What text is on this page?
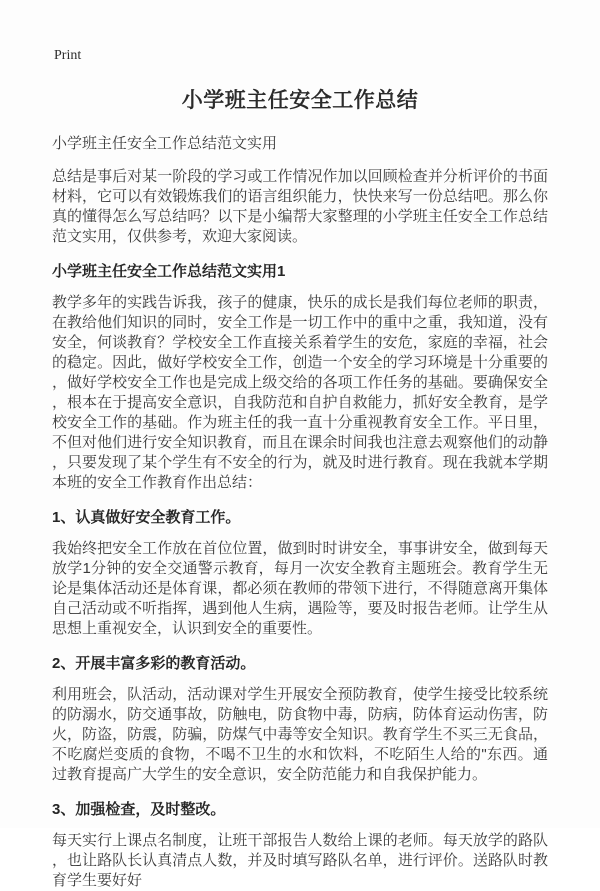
Print
小学班主任安全工作总结
小学班主任安全工作总结范文实用

总结是事后对某一阶段的学习或工作情况作加以回顾检查并分析评价的书面材料，它可以有效锻炼我们的语言组织能力，快快来写一份总结吧。那么你真的懂得怎么写总结吗？以下是小编帮大家整理的小学班主任安全工作总结范文实用，仅供参考，欢迎大家阅读。

小学班主任安全工作总结范文实用1

教学多年的实践告诉我，孩子的健康，快乐的成长是我们每位老师的职责，在教给他们知识的同时，安全工作是一切工作中的重中之重，我知道，没有安全，何谈教育？学校安全工作直接关系着学生的安危，家庭的幸福，社会的稳定。因此，做好学校安全工作，创造一个安全的学习环境是十分重要的，做好学校安全工作也是完成上级交给的各项工作任务的基础。要确保安全，根本在于提高安全意识，自我防范和自护自救能力，抓好安全教育，是学校安全工作的基础。作为班主任的我一直十分重视教育安全工作。平日里，不但对他们进行安全知识教育，而且在课余时间我也注意去观察他们的动静，只要发现了某个学生有不安全的行为，就及时进行教育。现在我就本学期本班的安全工作教育作出总结：

1、认真做好安全教育工作。

我始终把安全工作放在首位位置，做到时时讲安全，事事讲安全，做到每天放学1分钟的安全交通警示教育，每月一次安全教育主题班会。教育学生无论是集体活动还是体育课，都必须在教师的带领下进行，不得随意离开集体自己活动或不听指挥，遇到他人生病，遇险等，要及时报告老师。让学生从思想上重视安全，认识到安全的重要性。

2、开展丰富多彩的教育活动。

利用班会，队活动，活动课对学生开展安全预防教育，使学生接受比较系统的防溺水，防交通事故，防触电，防食物中毒，防病，防体育运动伤害，防火，防盗，防震，防骗，防煤气中毒等安全知识。教育学生不买三无食品，不吃腐烂变质的食物，不喝不卫生的水和饮料，不吃陌生人给的"东西。通过教育提高广大学生的安全意识，安全防范能力和自我保护能力。

3、加强检查，及时整改。

每天实行上课点名制度，让班干部报告人数给上课的老师。每天放学的路队，也让路队长认真清点人数，并及时填写路队名单，进行评价。送路队时教育学生要好好
